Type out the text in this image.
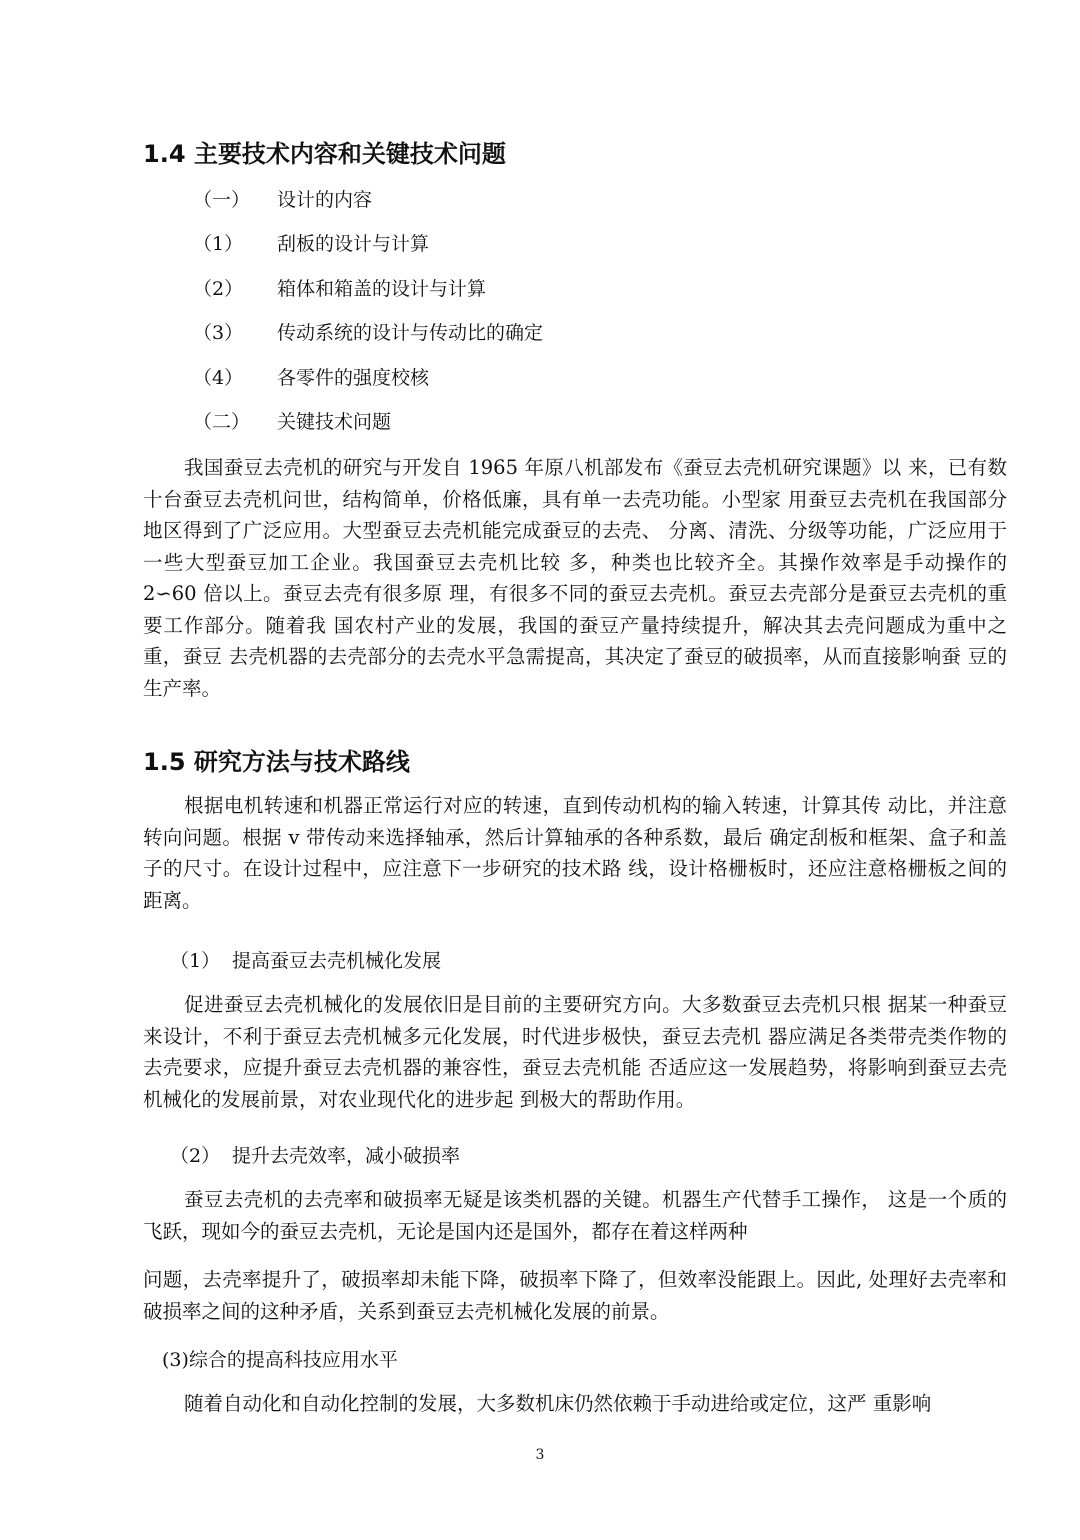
1.4 主要技术内容和关键技术问题
（一） 设计的内容
（1） 刮板的设计与计算
（2） 箱体和箱盖的设计与计算
（3） 传动系统的设计与传动比的确定
（4） 各零件的强度校核
（二） 关键技术问题

我国蚕豆去壳机的研究与开发自 1965 年原八机部发布《蚕豆去壳机研究课题》以 来，已有数十台蚕豆去壳机问世，结构简单，价格低廉，具有单一去壳功能。小型家 用蚕豆去壳机在我国部分地区得到了广泛应用。大型蚕豆去壳机能完成蚕豆的去壳、 分离、清洗、分级等功能，广泛应用于一些大型蚕豆加工企业。我国蚕豆去壳机比较 多，种类也比较齐全。其操作效率是手动操作的 2∽60 倍以上。蚕豆去壳有很多原 理，有很多不同的蚕豆去壳机。蚕豆去壳部分是蚕豆去壳机的重要工作部分。随着我 国农村产业的发展，我国的蚕豆产量持续提升，解决其去壳问题成为重中之重，蚕豆 去壳机器的去壳部分的去壳水平急需提高，其决定了蚕豆的破损率，从而直接影响蚕 豆的生产率。

1.5 研究方法与技术路线

根据电机转速和机器正常运行对应的转速，直到传动机构的输入转速，计算其传 动比，并注意转向问题。根据 v 带传动来选择轴承，然后计算轴承的各种系数，最后 确定刮板和框架、盒子和盖子的尺寸。在设计过程中，应注意下一步研究的技术路 线，设计格栅板时，还应注意格栅板之间的距离。

（1） 提高蚕豆去壳机械化发展

促进蚕豆去壳机械化的发展依旧是目前的主要研究方向。大多数蚕豆去壳机只根 据某一种蚕豆来设计，不利于蚕豆去壳机械多元化发展，时代进步极快，蚕豆去壳机 器应满足各类带壳类作物的去壳要求，应提升蚕豆去壳机器的兼容性，蚕豆去壳机能 否适应这一发展趋势，将影响到蚕豆去壳机械化的发展前景，对农业现代化的进步起 到极大的帮助作用。

（2） 提升去壳效率，减小破损率

蚕豆去壳机的去壳率和破损率无疑是该类机器的关键。机器生产代替手工操作， 这是一个质的飞跃，现如今的蚕豆去壳机，无论是国内还是国外，都存在着这样两种

问题，去壳率提升了，破损率却未能下降，破损率下降了，但效率没能跟上。因此, 处理好去壳率和破损率之间的这种矛盾，关系到蚕豆去壳机械化发展的前景。

(3)综合的提高科技应用水平

随着自动化和自动化控制的发展，大多数机床仍然依赖于手动进给或定位，这严 重影响

3
